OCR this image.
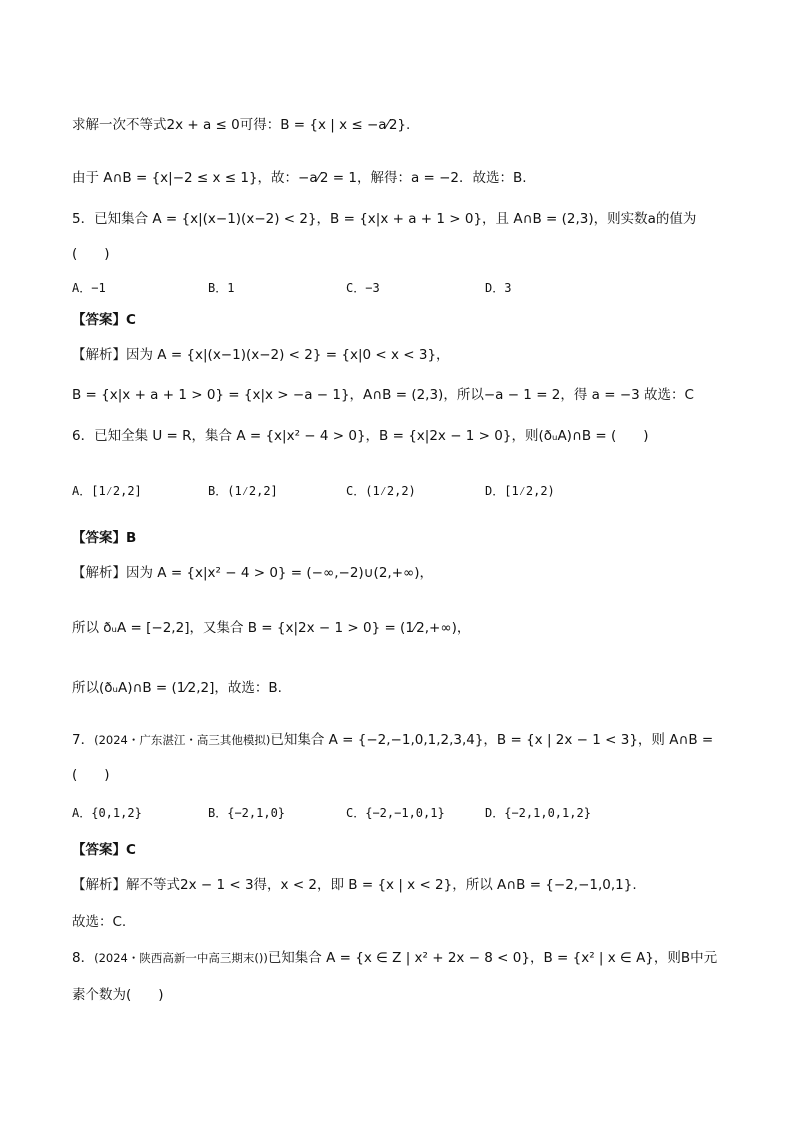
求解一次不等式2x + a ≤ 0可得：B = {x | x ≤ −a⁄2}.
由于 A∩B = {x|−2 ≤ x ≤ 1}，故：−a⁄2 = 1，解得：a = −2．故选：B.
5．已知集合 A = {x|(x−1)(x−2) < 2}，B = {x|x + a + 1 > 0}，且 A∩B = (2,3)，则实数a的值为
(　　)
A．−1	B．1	C．−3	D．3
【答案】C
【解析】因为 A = {x|(x−1)(x−2) < 2} = {x|0 < x < 3}，
B = {x|x + a + 1 > 0} = {x|x > −a − 1}，A∩B = (2,3)，所以−a − 1 = 2，得 a = −3 故选：C
6．已知全集 U = R，集合 A = {x|x² − 4 > 0}，B = {x|2x − 1 > 0}，则(ðᵤA)∩B = (　　)
A．[1⁄2,2]	B．(1⁄2,2]	C．(1⁄2,2)	D．[1⁄2,2)
【答案】B
【解析】因为 A = {x|x² − 4 > 0} = (−∞,−2)∪(2,+∞)，
所以 ðᵤA = [−2,2]，又集合 B = {x|2x − 1 > 0} = (1⁄2,+∞)，
所以(ðᵤA)∩B = (1⁄2,2]，故选：B.
7．(2024・广东湛江・高三其他模拟)已知集合 A = {−2,−1,0,1,2,3,4}，B = {x | 2x − 1 < 3}，则 A∩B =
(　　)
A．{0,1,2}	B．{−2,1,0}	C．{−2,−1,0,1}	D．{−2,1,0,1,2}
【答案】C
【解析】解不等式2x − 1 < 3得，x < 2，即 B = {x | x < 2}，所以 A∩B = {−2,−1,0,1}.
故选：C.
8．(2024・陕西高新一中高三期末())已知集合 A = {x ∈ Z | x² + 2x − 8 < 0}，B = {x² | x ∈ A}，则B中元
素个数为(　　)
